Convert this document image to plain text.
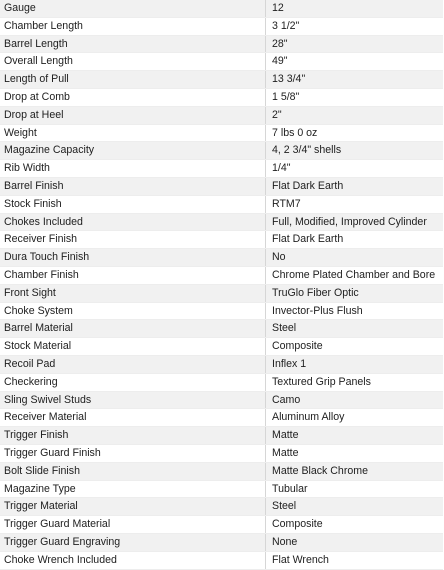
Gauge	12
Chamber Length	3 1/2"
Barrel Length	28"
Overall Length	49"
Length of Pull	13 3/4"
Drop at Comb	1 5/8"
Drop at Heel	2"
Weight	7 lbs 0 oz
Magazine Capacity	4, 2 3/4" shells
Rib Width	1/4"
Barrel Finish	Flat Dark Earth
Stock Finish	RTM7
Chokes Included	Full, Modified, Improved Cylinder
Receiver Finish	Flat Dark Earth
Dura Touch Finish	No
Chamber Finish	Chrome Plated Chamber and Bore
Front Sight	TruGlo Fiber Optic
Choke System	Invector-Plus Flush
Barrel Material	Steel
Stock Material	Composite
Recoil Pad	Inflex 1
Checkering	Textured Grip Panels
Sling Swivel Studs	Camo
Receiver Material	Aluminum Alloy
Trigger Finish	Matte
Trigger Guard Finish	Matte
Bolt Slide Finish	Matte Black Chrome
Magazine Type	Tubular
Trigger Material	Steel
Trigger Guard Material	Composite
Trigger Guard Engraving	None
Choke Wrench Included	Flat Wrench
